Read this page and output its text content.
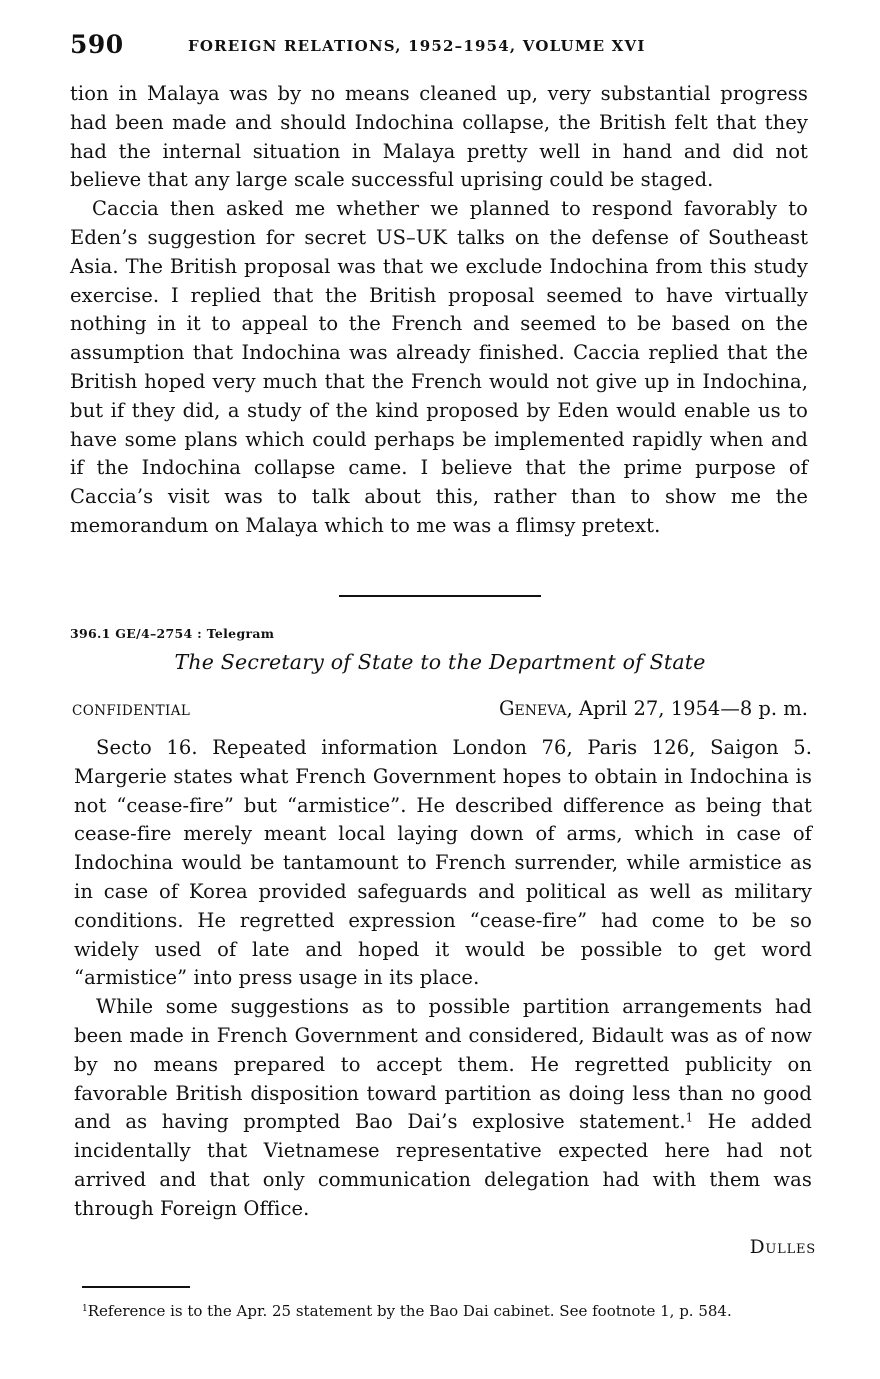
590	FOREIGN RELATIONS, 1952–1954, VOLUME XVI

tion in Malaya was by no means cleaned up, very substantial progress had been made and should Indochina collapse, the British felt that they had the internal situation in Malaya pretty well in hand and did not believe that any large scale successful uprising could be staged.

Caccia then asked me whether we planned to respond favorably to Eden’s suggestion for secret US–UK talks on the defense of Southeast Asia. The British proposal was that we exclude Indochina from this study exercise. I replied that the British proposal seemed to have virtually nothing in it to appeal to the French and seemed to be based on the assumption that Indochina was already finished. Caccia replied that the British hoped very much that the French would not give up in Indochina, but if they did, a study of the kind proposed by Eden would enable us to have some plans which could perhaps be implemented rapidly when and if the Indochina collapse came. I believe that the prime purpose of Caccia’s visit was to talk about this, rather than to show me the memorandum on Malaya which to me was a flimsy pretext.

396.1 GE/4–2754 : Telegram
The Secretary of State to the Department of State
CONFIDENTIAL	Geneva, April 27, 1954—8 p. m.

Secto 16. Repeated information London 76, Paris 126, Saigon 5. Margerie states what French Government hopes to obtain in Indochina is not “cease-fire” but “armistice”. He described difference as being that cease-fire merely meant local laying down of arms, which in case of Indochina would be tantamount to French surrender, while armistice as in case of Korea provided safeguards and political as well as military conditions. He regretted expression “cease-fire” had come to be so widely used of late and hoped it would be possible to get word “armistice” into press usage in its place.

While some suggestions as to possible partition arrangements had been made in French Government and considered, Bidault was as of now by no means prepared to accept them. He regretted publicity on favorable British disposition toward partition as doing less than no good and as having prompted Bao Dai’s explosive statement.$^1$ He added incidentally that Vietnamese representative expected here had not arrived and that only communication delegation had with them was through Foreign Office.

Dulles
$^1$Reference is to the Apr. 25 statement by the Bao Dai cabinet. See footnote 1, p. 584.
